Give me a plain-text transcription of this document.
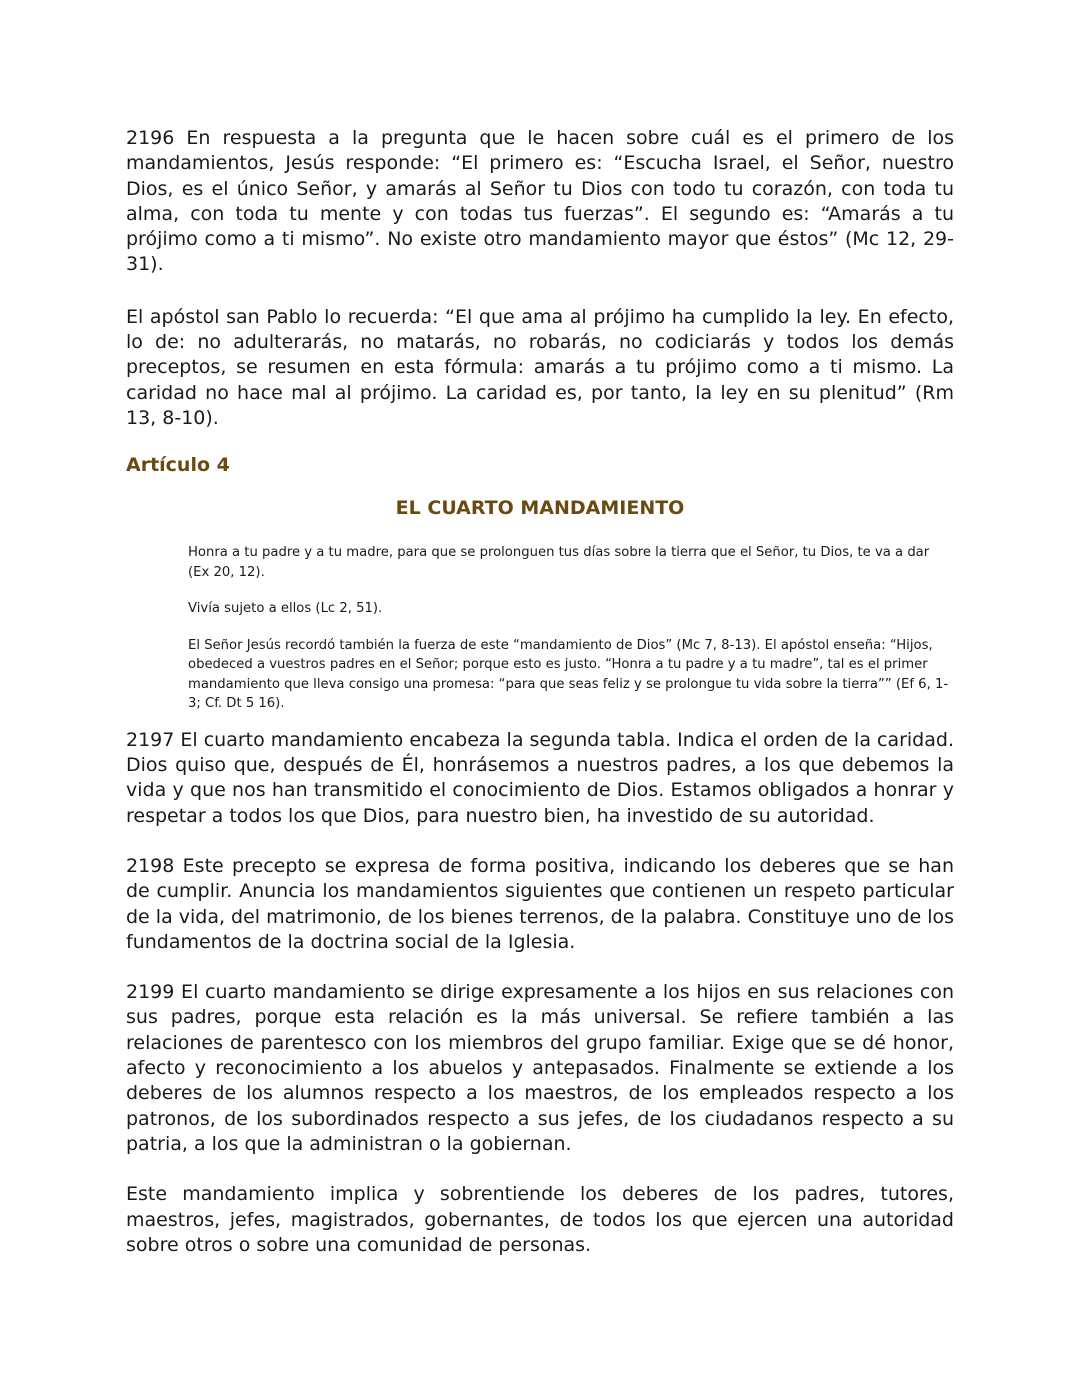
2196 En respuesta a la pregunta que le hacen sobre cuál es el primero de los mandamientos, Jesús responde: “El primero es: “Escucha Israel, el Señor, nuestro Dios, es el único Señor, y amarás al Señor tu Dios con todo tu corazón, con toda tu alma, con toda tu mente y con todas tus fuerzas”. El segundo es: “Amarás a tu prójimo como a ti mismo”. No existe otro mandamiento mayor que éstos” (Mc 12, 29-31).

El apóstol san Pablo lo recuerda: “El que ama al prójimo ha cumplido la ley. En efecto, lo de: no adulterarás, no matarás, no robarás, no codiciarás y todos los demás preceptos, se resumen en esta fórmula: amarás a tu prójimo como a ti mismo. La caridad no hace mal al prójimo. La caridad es, por tanto, la ley en su plenitud” (Rm 13, 8-10).

Artículo 4
EL CUARTO MANDAMIENTO

Honra a tu padre y a tu madre, para que se prolonguen tus días sobre la tierra que el Señor, tu Dios, te va a dar (Ex 20, 12).

Vivía sujeto a ellos (Lc 2, 51).

El Señor Jesús recordó también la fuerza de este “mandamiento de Dios” (Mc 7, 8-13). El apóstol enseña: “Hijos, obedeced a vuestros padres en el Señor; porque esto es justo. “Honra a tu padre y a tu madre”, tal es el primer mandamiento que lleva consigo una promesa: “para que seas feliz y se prolongue tu vida sobre la tierra”” (Ef 6, 1-3; Cf. Dt 5 16).

2197 El cuarto mandamiento encabeza la segunda tabla. Indica el orden de la caridad. Dios quiso que, después de Él, honrásemos a nuestros padres, a los que debemos la vida y que nos han transmitido el conocimiento de Dios. Estamos obligados a honrar y respetar a todos los que Dios, para nuestro bien, ha investido de su autoridad.

2198 Este precepto se expresa de forma positiva, indicando los deberes que se han de cumplir. Anuncia los mandamientos siguientes que contienen un respeto particular de la vida, del matrimonio, de los bienes terrenos, de la palabra. Constituye uno de los fundamentos de la doctrina social de la Iglesia.

2199 El cuarto mandamiento se dirige expresamente a los hijos en sus relaciones con sus padres, porque esta relación es la más universal. Se refiere también a las relaciones de parentesco con los miembros del grupo familiar. Exige que se dé honor, afecto y reconocimiento a los abuelos y antepasados. Finalmente se extiende a los deberes de los alumnos respecto a los maestros, de los empleados respecto a los patronos, de los subordinados respecto a sus jefes, de los ciudadanos respecto a su patria, a los que la administran o la gobiernan.

Este mandamiento implica y sobrentiende los deberes de los padres, tutores, maestros, jefes, magistrados, gobernantes, de todos los que ejercen una autoridad sobre otros o sobre una comunidad de personas.
